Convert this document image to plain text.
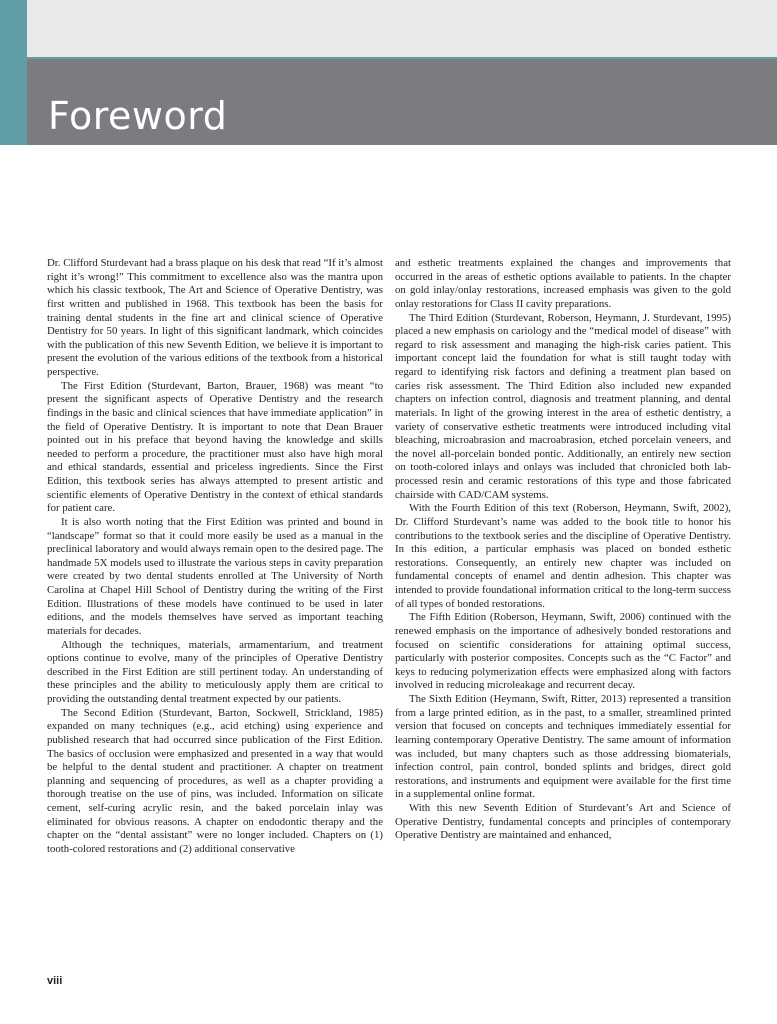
Foreword

Dr. Clifford Sturdevant had a brass plaque on his desk that read “If it’s almost right it’s wrong!” This commitment to excellence also was the mantra upon which his classic textbook, The Art and Science of Operative Dentistry, was first written and published in 1968. This textbook has been the basis for training dental students in the fine art and clinical science of Operative Dentistry for 50 years. In light of this significant landmark, which coincides with the publication of this new Seventh Edition, we believe it is important to present the evolution of the various editions of the textbook from a historical perspective.

The First Edition (Sturdevant, Barton, Brauer, 1968) was meant “to present the significant aspects of Operative Dentistry and the research findings in the basic and clinical sciences that have immediate application” in the field of Operative Dentistry. It is important to note that Dean Brauer pointed out in his preface that beyond having the knowledge and skills needed to perform a procedure, the practitioner must also have high moral and ethical standards, essential and priceless ingredients. Since the First Edition, this textbook series has always attempted to present artistic and scientific elements of Operative Dentistry in the context of ethical standards for patient care.

It is also worth noting that the First Edition was printed and bound in “landscape” format so that it could more easily be used as a manual in the preclinical laboratory and would always remain open to the desired page. The handmade 5X models used to illustrate the various steps in cavity preparation were created by two dental students enrolled at The University of North Carolina at Chapel Hill School of Dentistry during the writing of the First Edition. Illustrations of these models have continued to be used in later editions, and the models themselves have served as important teaching materials for decades.

Although the techniques, materials, armamentarium, and treatment options continue to evolve, many of the principles of Operative Dentistry described in the First Edition are still pertinent today. An understanding of these principles and the ability to meticulously apply them are critical to providing the outstanding dental treatment expected by our patients.

The Second Edition (Sturdevant, Barton, Sockwell, Strickland, 1985) expanded on many techniques (e.g., acid etching) using experience and published research that had occurred since publication of the First Edition. The basics of occlusion were emphasized and presented in a way that would be helpful to the dental student and practitioner. A chapter on treatment planning and sequencing of procedures, as well as a chapter providing a thorough treatise on the use of pins, was included. Information on silicate cement, self-curing acrylic resin, and the baked porcelain inlay was eliminated for obvious reasons. A chapter on endodontic therapy and the chapter on the “dental assistant” were no longer included. Chapters on (1) tooth-colored restorations and (2) additional conservative

and esthetic treatments explained the changes and improvements that occurred in the areas of esthetic options available to patients. In the chapter on gold inlay/onlay restorations, increased emphasis was given to the gold onlay restorations for Class II cavity preparations.

The Third Edition (Sturdevant, Roberson, Heymann, J. Sturdevant, 1995) placed a new emphasis on cariology and the “medical model of disease” with regard to risk assessment and managing the high-risk caries patient. This important concept laid the foundation for what is still taught today with regard to identifying risk factors and defining a treatment plan based on caries risk assessment. The Third Edition also included new expanded chapters on infection control, diagnosis and treatment planning, and dental materials. In light of the growing interest in the area of esthetic dentistry, a variety of conservative esthetic treatments were introduced including vital bleaching, microabrasion and macroabrasion, etched porcelain veneers, and the novel all-porcelain bonded pontic. Additionally, an entirely new section on tooth-colored inlays and onlays was included that chronicled both lab-processed resin and ceramic restorations of this type and those fabricated chairside with CAD/CAM systems.

With the Fourth Edition of this text (Roberson, Heymann, Swift, 2002), Dr. Clifford Sturdevant’s name was added to the book title to honor his contributions to the textbook series and the discipline of Operative Dentistry. In this edition, a particular emphasis was placed on bonded esthetic restorations. Consequently, an entirely new chapter was included on fundamental concepts of enamel and dentin adhesion. This chapter was intended to provide foundational information critical to the long-term success of all types of bonded restorations.

The Fifth Edition (Roberson, Heymann, Swift, 2006) continued with the renewed emphasis on the importance of adhesively bonded restorations and focused on scientific considerations for attaining optimal success, particularly with posterior composites. Concepts such as the “C Factor” and keys to reducing polymerization effects were emphasized along with factors involved in reducing microleakage and recurrent decay.

The Sixth Edition (Heymann, Swift, Ritter, 2013) represented a transition from a large printed edition, as in the past, to a smaller, streamlined printed version that focused on concepts and techniques immediately essential for learning contemporary Operative Dentistry. The same amount of information was included, but many chapters such as those addressing biomaterials, infection control, pain control, bonded splints and bridges, direct gold restorations, and instruments and equipment were available for the first time in a supplemental online format.

With this new Seventh Edition of Sturdevant’s Art and Science of Operative Dentistry, fundamental concepts and principles of contemporary Operative Dentistry are maintained and enhanced,

viii
